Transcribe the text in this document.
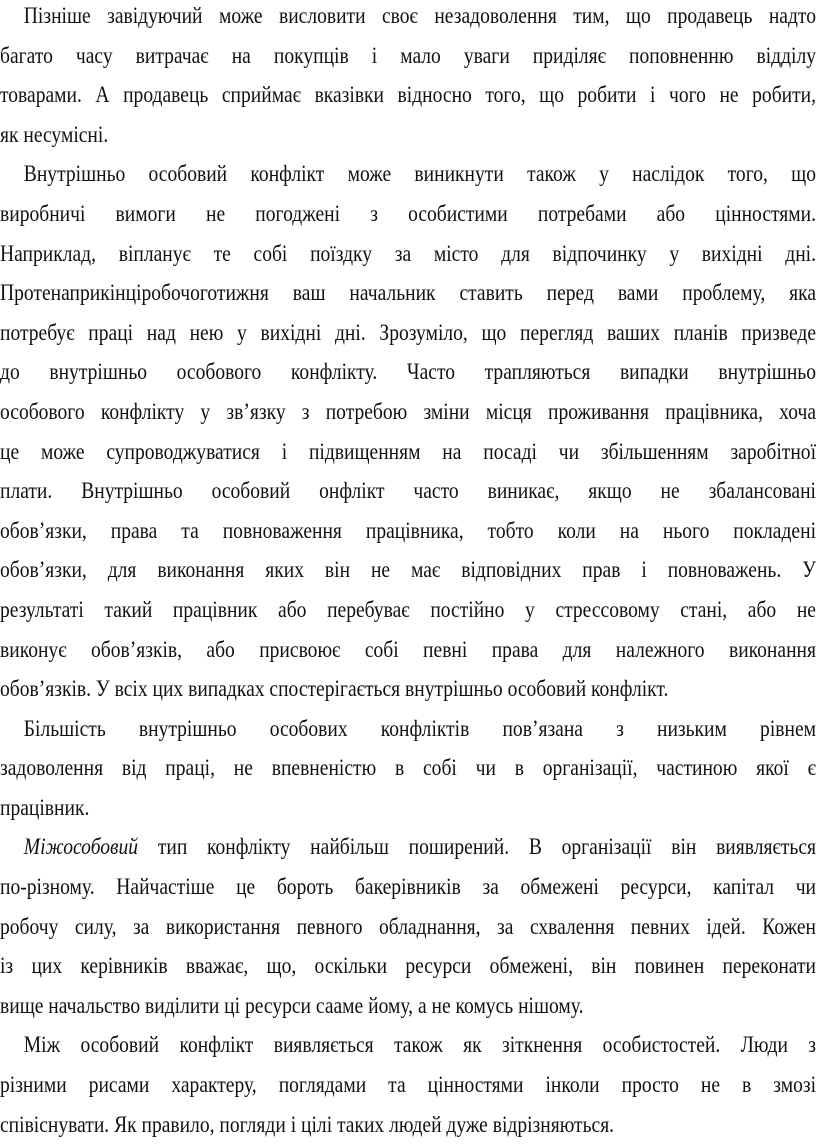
Пізніше завідуючий може висловити своє незадоволення тим, що продавець надто
багато часу витрачає на покупців і мало уваги приділяє поповненню відділу
товарами. А продавець сприймає вказівки відносно того, що робити і чого не робити,
як несумісні.
Внутрішньо особовий конфлікт може виникнути також у наслідок того, що
виробничі вимоги не погоджені з особистими потребами або цінностями.
Наприклад, вiпланує те собі поїздку за місто для відпочинку у вихідні дні.
Протенаприкінціробочоготижня ваш начальник ставить перед вами проблему, яка
потребує праці над нею у вихідні дні. Зрозуміло, що перегляд ваших планів призведе
до внутрішньо особового конфлікту. Часто трапляються випадки внутрішньо
особового конфлікту у зв’язку з потребою зміни місця проживання працівника, хоча
це може супроводжуватися і підвищенням на посаді чи збільшенням заробітної
плати. Внутрішньо особовий онфлікт часто виникає, якщо не збалансовані
обов’язки, права та повноваження працівника, тобто коли на нього покладені
обов’язки, для виконання яких він не має відповідних прав і повноважень. У
результаті такий працівник або перебуває постійно у стрессовому стані, або не
виконує обов’язків, або присвоює собі певні права для належного виконання
обов’язків. У всіх цих випадках спостерігається внутрішньо особовий конфлікт.
Більшість внутрішньо особових конфліктів пов’язана з низьким рівнем
задоволення від праці, не впевненістю в собі чи в організації, частиною якої є
працівник.
Міжособовий тип конфлікту найбільш поширений. В організації він виявляється
по-різному. Найчастіше це бороть бакерівників за обмежені ресурси, капітал чи
робочу силу, за використання певного обладнання, за схвалення певних ідей. Кожен
із цих керівників вважає, що, оскільки ресурси обмежені, він повинен переконати
вище начальство виділити ці ресурси сааме йому, а не комусь нiшому.
Між особовий конфлікт виявляється також як зіткнення особистостей. Люди з
різними рисами характеру, поглядами та цінностями інколи просто не в змозі
співіснувати. Як правило, погляди і цілі таких людей дуже відрізняються.
